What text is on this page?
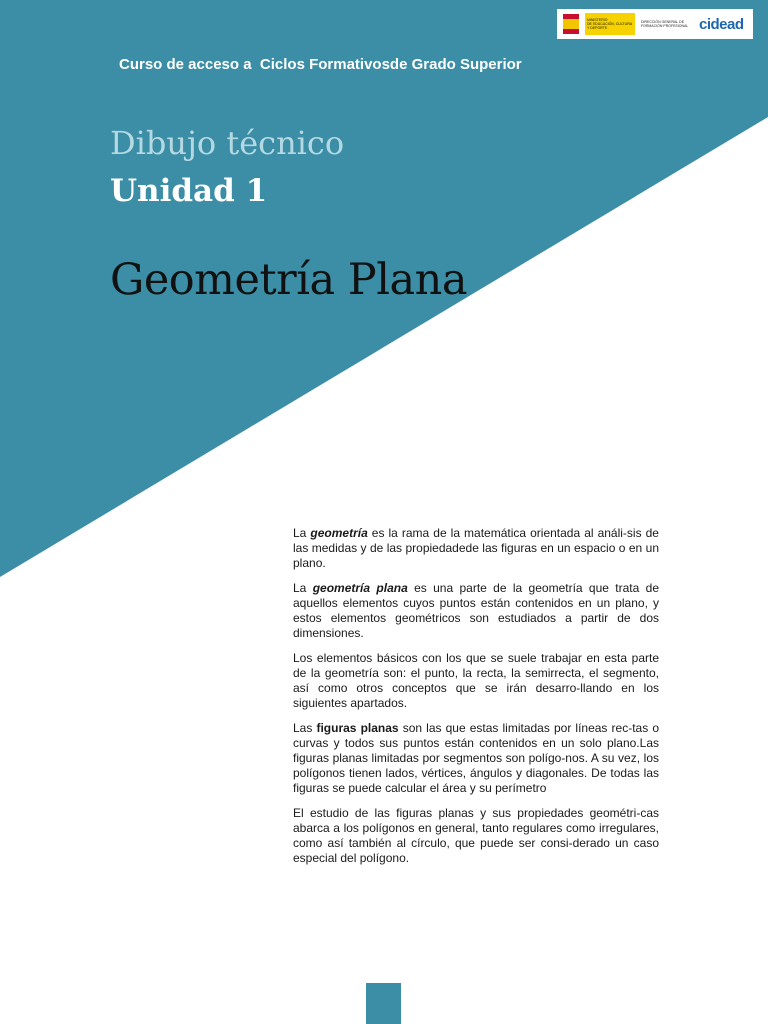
MINISTERIO
DE EDUCACIÓN, CULTURA
Y DEPORTE
DIRECCIÓN GENERAL DE
FORMACIÓN PROFESIONAL cidead
Curso de acceso a  Ciclos Formativosde Grado Superior
Dibujo técnico
Unidad 1
Geometría Plana

La geometría es la rama de la matemática orientada al análi-sis de las medidas y de las propiedadede las figuras en un espacio o en un plano.

La geometría plana es una parte de la geometría que trata de aquellos elementos cuyos puntos están contenidos en un plano, y estos elementos geométricos son estudiados a partir de dos dimensiones.

Los elementos básicos con los que se suele trabajar en esta parte de la geometría son: el punto, la recta, la semirrecta, el segmento, así como otros conceptos que se irán desarro-llando en los siguientes apartados.

Las figuras planas son las que estas limitadas por líneas rec-tas o curvas y todos sus puntos están contenidos en un solo plano.Las figuras planas limitadas por segmentos son polígo-nos. A su vez, los polígonos tienen lados, vértices, ángulos y diagonales. De todas las figuras se puede calcular el área y su perímetro

El estudio de las figuras planas y sus propiedades geométri-cas abarca a los polígonos en general, tanto regulares como irregulares, como así también al círculo, que puede ser consi-derado un caso especial del polígono.
